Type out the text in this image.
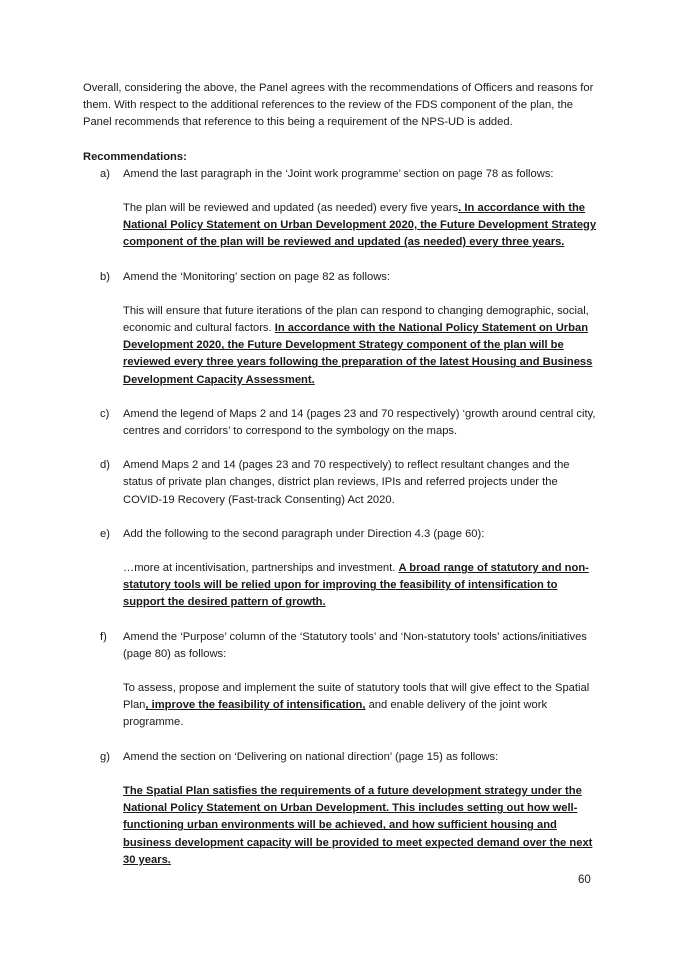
Overall, considering the above, the Panel agrees with the recommendations of Officers and reasons for them. With respect to the additional references to the review of the FDS component of the plan, the Panel recommends that reference to this being a requirement of the NPS-UD is added.

Recommendations:

a)	Amend the last paragraph in the ‘Joint work programme’ section on page 78 as follows:

The plan will be reviewed and updated (as needed) every five years. In accordance with the National Policy Statement on Urban Development 2020, the Future Development Strategy component of the plan will be reviewed and updated (as needed) every three years.

b)	Amend the ‘Monitoring’ section on page 82 as follows:

This will ensure that future iterations of the plan can respond to changing demographic, social, economic and cultural factors. In accordance with the National Policy Statement on Urban Development 2020, the Future Development Strategy component of the plan will be reviewed every three years following the preparation of the latest Housing and Business Development Capacity Assessment.

c)	Amend the legend of Maps 2 and 14 (pages 23 and 70 respectively) ‘growth around central city, centres and corridors’ to correspond to the symbology on the maps.

d)	Amend Maps 2 and 14 (pages 23 and 70 respectively) to reflect resultant changes and the status of private plan changes, district plan reviews, IPIs and referred projects under the COVID-19 Recovery (Fast-track Consenting) Act 2020.

e)	Add the following to the second paragraph under Direction 4.3 (page 60):

…more at incentivisation, partnerships and investment. A broad range of statutory and non-statutory tools will be relied upon for improving the feasibility of intensification to support the desired pattern of growth.

f)	Amend the ‘Purpose’ column of the ‘Statutory tools’ and ‘Non-statutory tools’ actions/initiatives (page 80) as follows:

To assess, propose and implement the suite of statutory tools that will give effect to the Spatial Plan, improve the feasibility of intensification, and enable delivery of the joint work programme.

g)	Amend the section on ‘Delivering on national direction’ (page 15) as follows:

The Spatial Plan satisfies the requirements of a future development strategy under the National Policy Statement on Urban Development. This includes setting out how well-functioning urban environments will be achieved, and how sufficient housing and business development capacity will be provided to meet expected demand over the next 30 years.

60
